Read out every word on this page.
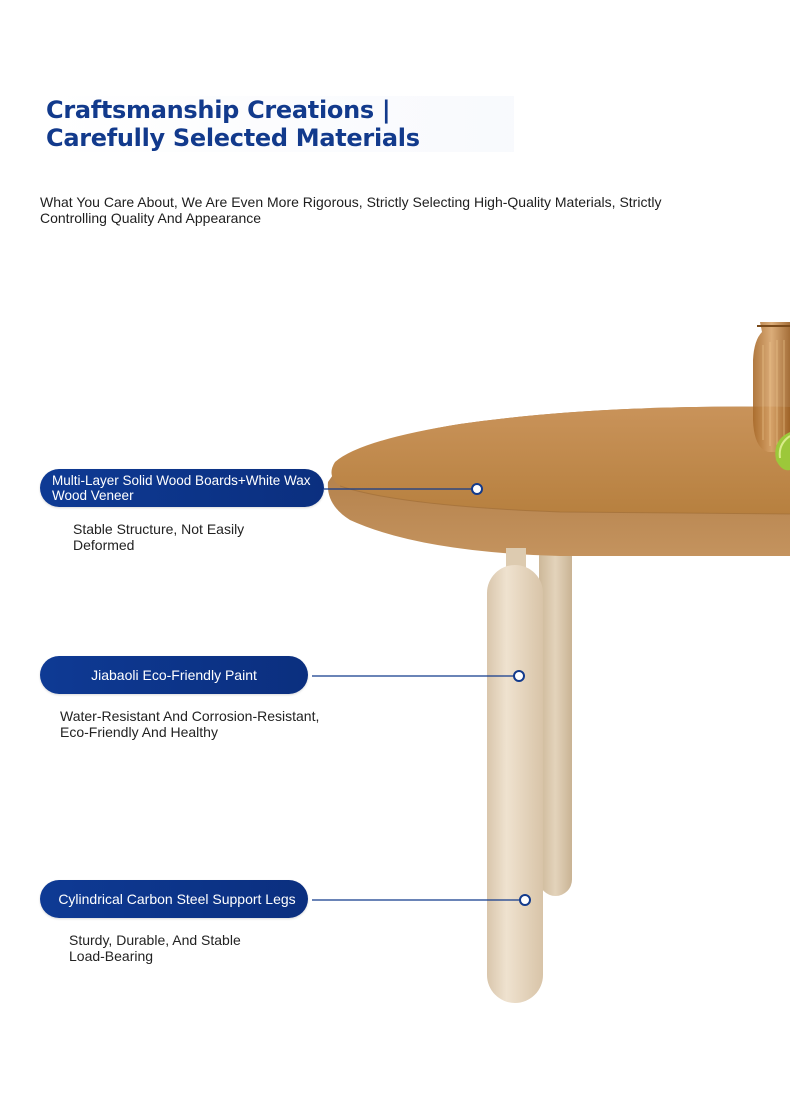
Craftsmanship Creations | Carefully Selected Materials
What You Care About, We Are Even More Rigorous, Strictly Selecting High-Quality Materials, Strictly Controlling Quality And Appearance
Multi-Layer Solid Wood Boards+White Wax Wood Veneer
Stable Structure, Not Easily Deformed
Jiabaoli Eco-Friendly Paint
Water-Resistant And Corrosion-Resistant, Eco-Friendly And Healthy
Cylindrical Carbon Steel Support Legs
Sturdy, Durable, And Stable Load-Bearing
